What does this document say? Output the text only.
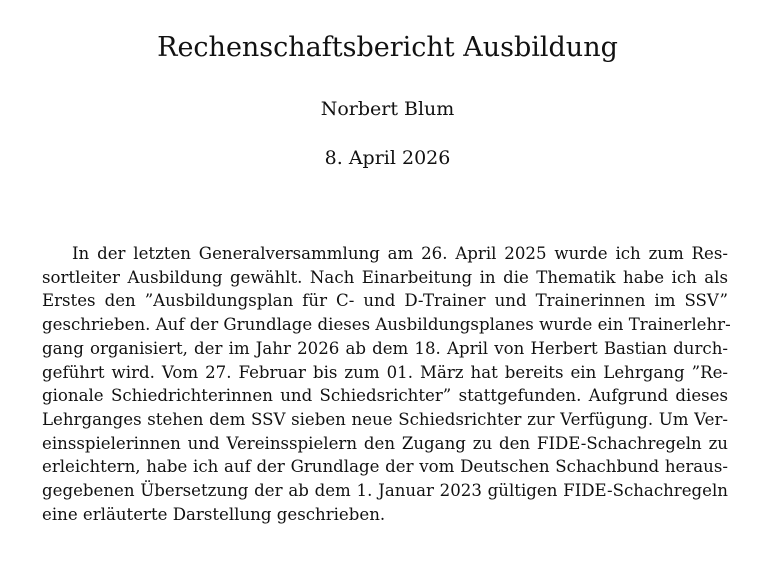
Rechenschaftsbericht Ausbildung
Norbert Blum
8. April 2026
In der letzten Generalversammlung am 26. April 2025 wurde ich zum Res-
sortleiter Ausbildung gewählt. Nach Einarbeitung in die Thematik habe ich als
Erstes den ”Ausbildungsplan für C- und D-Trainer und Trainerinnen im SSV”
geschrieben. Auf der Grundlage dieses Ausbildungsplanes wurde ein Trainerlehr-
gang organisiert, der im Jahr 2026 ab dem 18. April von Herbert Bastian durch-
geführt wird. Vom 27. Februar bis zum 01. März hat bereits ein Lehrgang ”Re-
gionale Schiedrichterinnen und Schiedsrichter” stattgefunden. Aufgrund dieses
Lehrganges stehen dem SSV sieben neue Schiedsrichter zur Verfügung. Um Ver-
einsspielerinnen und Vereinsspielern den Zugang zu den FIDE-Schachregeln zu
erleichtern, habe ich auf der Grundlage der vom Deutschen Schachbund heraus-
gegebenen Übersetzung der ab dem 1. Januar 2023 gültigen FIDE-Schachregeln
eine erläuterte Darstellung geschrieben.
